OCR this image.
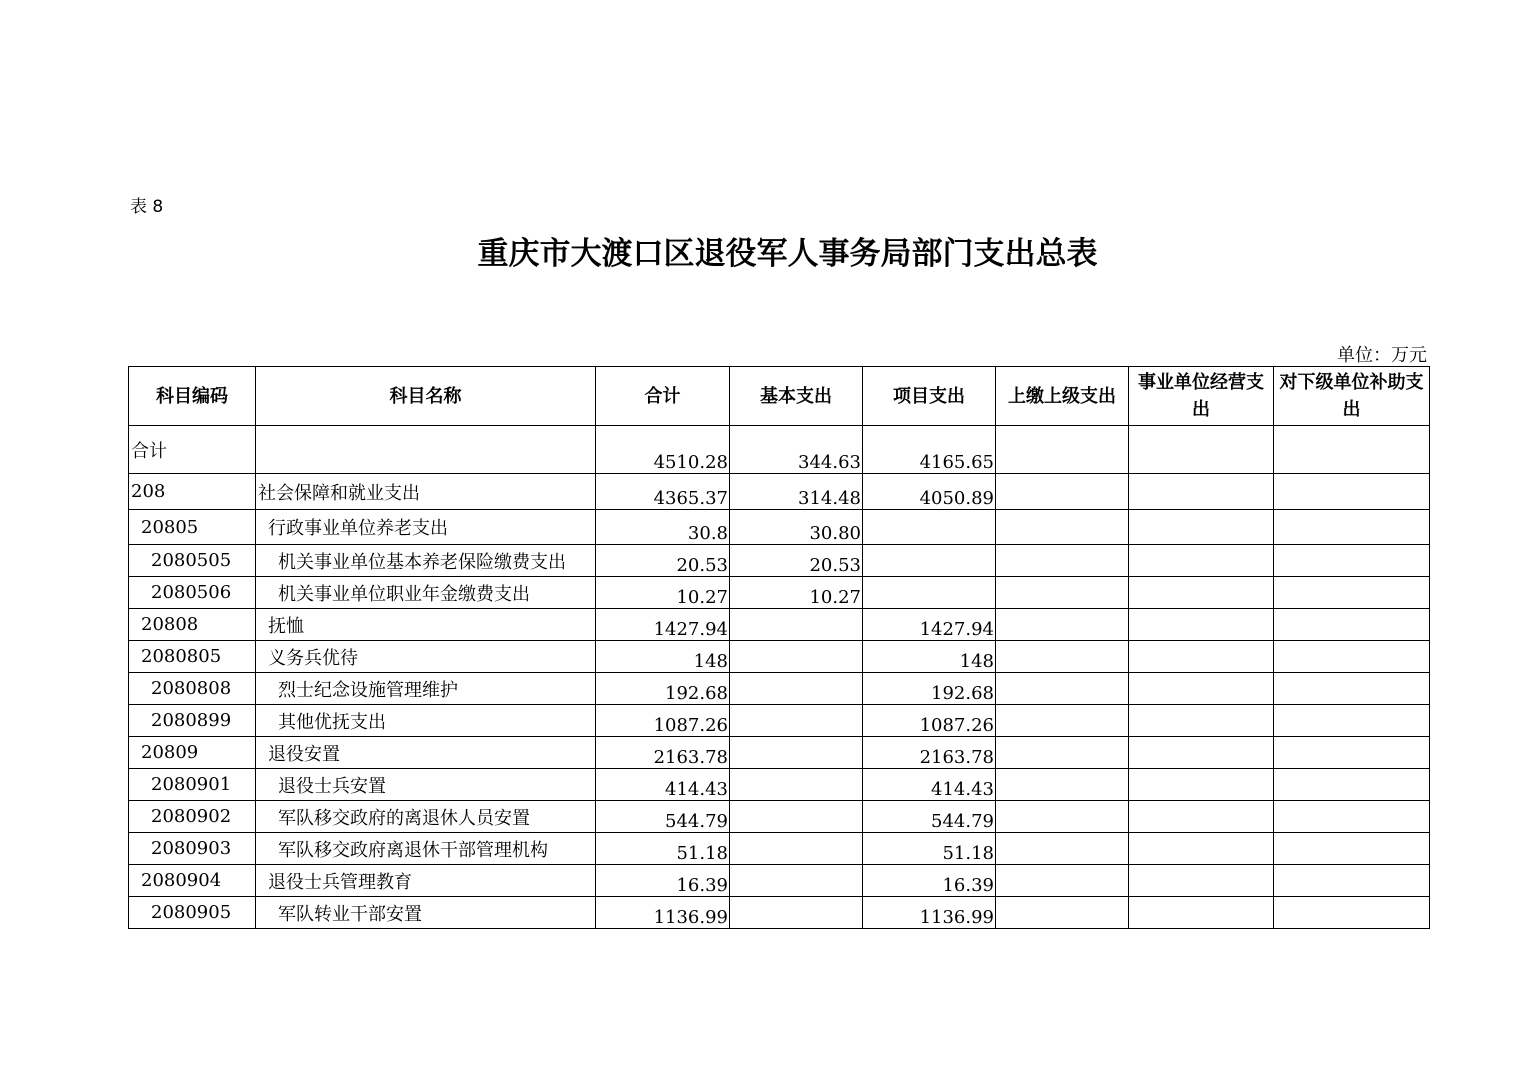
表 8
重庆市大渡口区退役军人事务局部门支出总表
单位：万元
科目编码	科目名称	合计	基本支出	项目支出	上缴上级支出	事业单位经营支出	对下级单位补助支出
合计		4510.28	344.63	4165.65			
208	社会保障和就业支出	4365.37	314.48	4050.89			
20805	行政事业单位养老支出	30.8	30.80				
2080505	机关事业单位基本养老保险缴费支出	20.53	20.53				
2080506	机关事业单位职业年金缴费支出	10.27	10.27				
20808	抚恤	1427.94		1427.94			
2080805	义务兵优待	148		148			
2080808	烈士纪念设施管理维护	192.68		192.68			
2080899	其他优抚支出	1087.26		1087.26			
20809	退役安置	2163.78		2163.78			
2080901	退役士兵安置	414.43		414.43			
2080902	军队移交政府的离退休人员安置	544.79		544.79			
2080903	军队移交政府离退休干部管理机构	51.18		51.18			
2080904	退役士兵管理教育	16.39		16.39			
2080905	军队转业干部安置	1136.99		1136.99			
